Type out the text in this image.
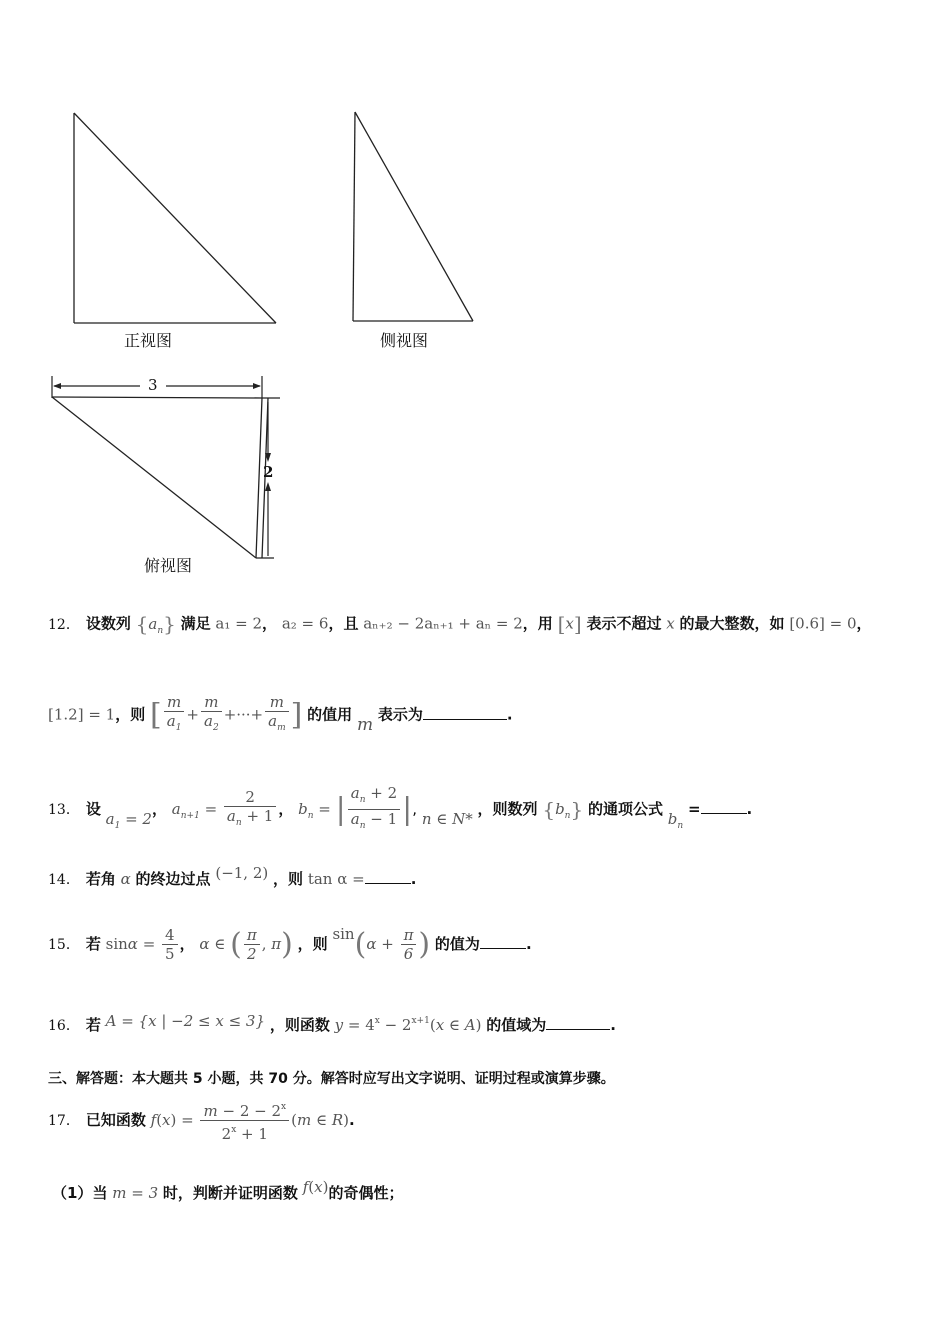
3
2
正视图	侧视图
俯视图
12． 设数列 $\{a_n\}$ 满足 a₁ = 2， a₂ = 6，且 aₙ₊₂ − 2aₙ₊₁ + aₙ = 2，用 [x] 表示不超过 x 的最大整数，如 [0.6] = 0，
[1.2] = 1，则 [ $\frac{m}{a_1} + \frac{m}{a_2}$ +···+ $\frac{m}{a_m}$ ] 的值用 m 表示为	.
13． 设 $a_1 = 2$， $a_{n+1} = \frac{2}{a_n + 1}$ ， $b_n$ = | $\frac{a_n + 2}{a_n - 1}$ |, n ∈ N* ，则数列 $\{b_n\}$ 的通项公式 $b_n$ =	.
14． 若角 α 的终边过点 (−1, 2) ，则 tan α =	.
15． 若 $\sin\alpha = \frac{4}{5}$ ， α ∈ ( $\frac{\pi}{2}$ , π) ，则 $\sin(\alpha + \frac{\pi}{6}$ ) 的值为	.
16． 若 A = {x | −2 ≤ x ≤ 3} ，则函数 $y = 4^x - 2^{x+1}(x$ ∈ A) 的值域为	.
三、解答题：本大题共 5 小题，共 70 分。解答时应写出文字说明、证明过程或演算步骤。
17． 已知函数 $f(x) = \frac{m - 2 - 2^x}{2^x + 1} (m$ ∈ R).
（1）当 m = 3 时，判断并证明函数 f(x)的奇偶性；
